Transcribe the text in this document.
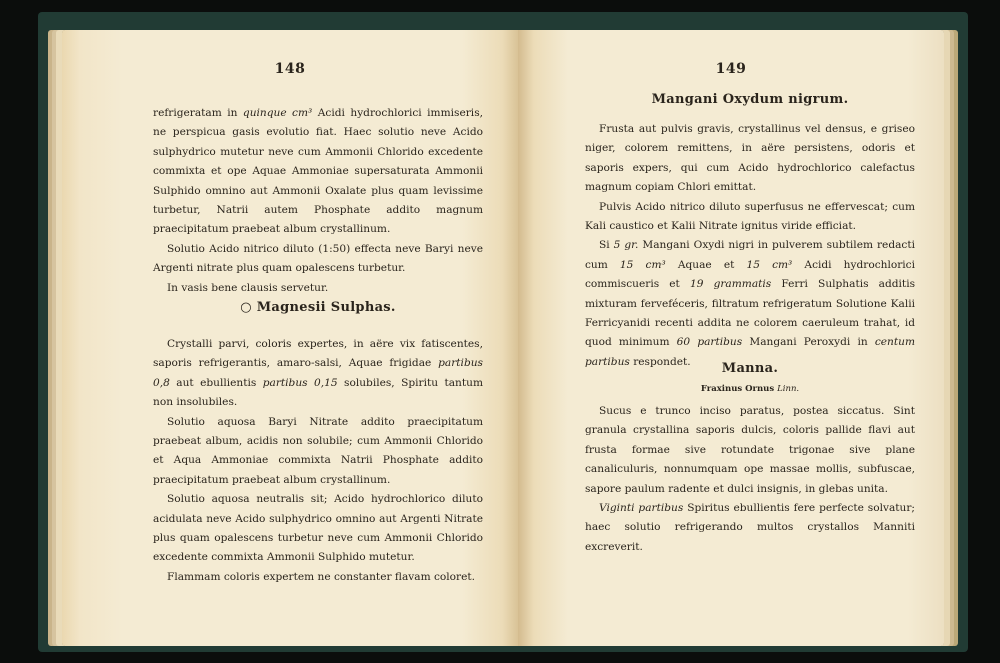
148

refrigeratam in quinque cm³ Acidi hydrochlorici immiseris, ne perspicua gasis evolutio fiat. Haec solutio neve Acido sulphydrico mutetur neve cum Ammonii Chlorido excedente commixta et ope Aquae Ammoniae supersaturata Ammonii Sulphido omnino aut Ammonii Oxalate plus quam levissime turbetur, Natrii autem Phosphate addito magnum praecipitatum praebeat album crystallinum.

Solutio Acido nitrico diluto (1:50) effecta neve Baryi neve Argenti nitrate plus quam opalescens turbetur.

In vasis bene clausis servetur.

○ Magnesii Sulphas.

Crystalli parvi, coloris expertes, in aëre vix fatiscentes, saporis refrigerantis, amaro-salsi, Aquae frigidae partibus 0,8 aut ebullientis partibus 0,15 solubiles, Spiritu tantum non insolubiles.

Solutio aquosa Baryi Nitrate addito praecipitatum praebeat album, acidis non solubile; cum Ammonii Chlorido et Aqua Ammoniae commixta Natrii Phosphate addito praecipitatum praebeat album crystallinum.

Solutio aquosa neutralis sit; Acido hydrochlorico diluto acidulata neve Acido sulphydrico omnino aut Argenti Nitrate plus quam opalescens turbetur neve cum Ammonii Chlorido excedente commixta Ammonii Sulphido mutetur.

Flammam coloris expertem ne constanter flavam coloret.

149
Mangani Oxydum nigrum.

Frusta aut pulvis gravis, crystallinus vel densus, e griseo niger, colorem remittens, in aëre persistens, odoris et saporis expers, qui cum Acido hydrochlorico calefactus magnum copiam Chlori emittat.

Pulvis Acido nitrico diluto superfusus ne effervescat; cum Kali caustico et Kalii Nitrate ignitus viride efficiat.

Si 5 gr. Mangani Oxydi nigri in pulverem subtilem redacti cum 15 cm³ Aquae et 15 cm³ Acidi hydrochlorici commiscueris et 19 grammatis Ferri Sulphatis additis mixturam ferveféceris, filtratum refrigeratum Solutione Kalii Ferricyanidi recenti addita ne colorem caeruleum trahat, id quod minimum 60 partibus Mangani Peroxydi in centum partibus respondet.	Manna.
Fraxinus Ornus Linn.

Sucus e trunco inciso paratus, postea siccatus. Sint granula crystallina saporis dulcis, coloris pallide flavi aut frusta formae sive rotundate trigonae sive plane canaliculuris, nonnumquam ope massae mollis, subfuscae, sapore paulum radente et dulci insignis, in glebas unita.

Viginti partibus Spiritus ebullientis fere perfecte solvatur; haec solutio refrigerando multos crystallos Manniti excreverit.
